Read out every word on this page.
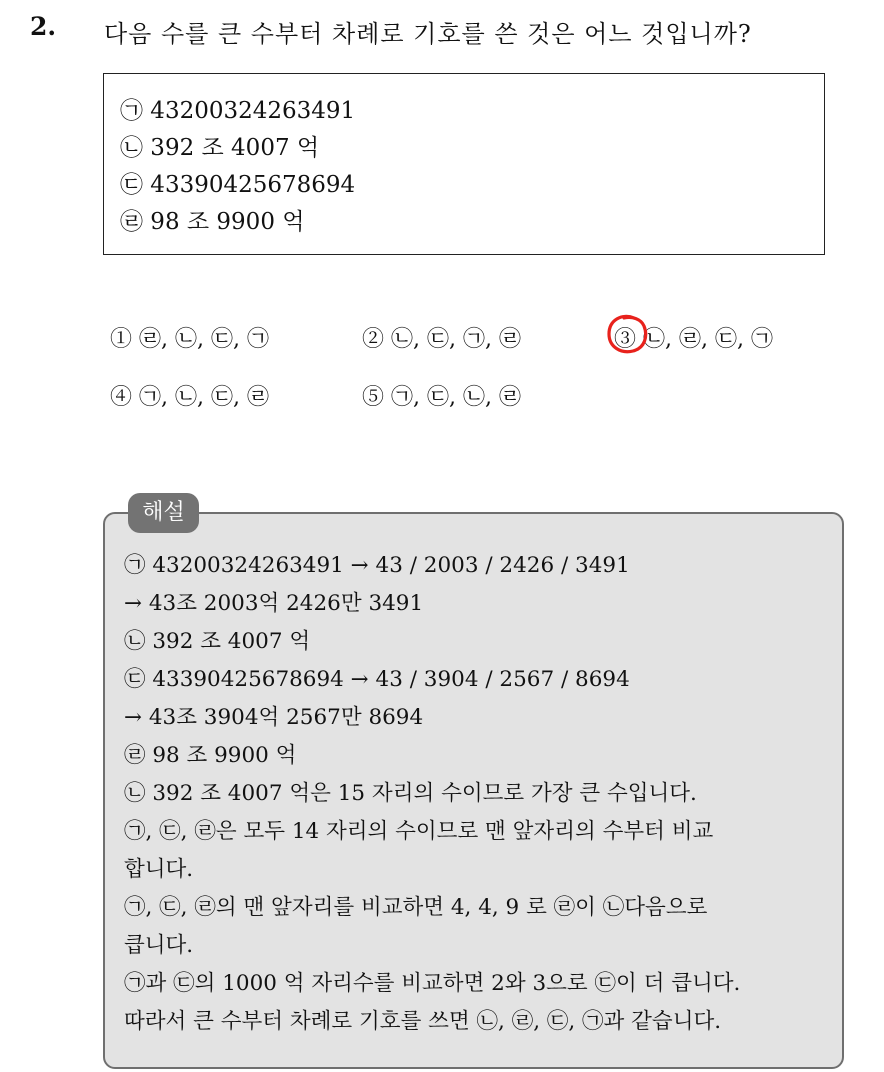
2. 다음 수를 큰 수부터 차례로 기호를 쓴 것은 어느 것입니까?
㉠ 43200324263491
㉡ 392 조 4007 억
㉢ 43390425678694
㉣ 98 조 9900 억
① ㉣, ㉡, ㉢, ㉠	② ㉡, ㉢, ㉠, ㉣	③ ㉡, ㉣, ㉢, ㉠
④ ㉠, ㉡, ㉢, ㉣	⑤ ㉠, ㉢, ㉡, ㉣
해설
㉠ 43200324263491 → 43 / 2003 / 2426 / 3491
→ 43조 2003억 2426만 3491
㉡ 392 조 4007 억
㉢ 43390425678694 → 43 / 3904 / 2567 / 8694
→ 43조 3904억 2567만 8694
㉣ 98 조 9900 억
㉡ 392 조 4007 억은 15 자리의 수이므로 가장 큰 수입니다.
㉠, ㉢, ㉣은 모두 14 자리의 수이므로 맨 앞자리의 수부터 비교
합니다.
㉠, ㉢, ㉣의 맨 앞자리를 비교하면 4, 4, 9 로 ㉣이 ㉡다음으로
큽니다.
㉠과 ㉢의 1000 억 자리수를 비교하면 2와 3으로 ㉢이 더 큽니다.
따라서 큰 수부터 차례로 기호를 쓰면 ㉡, ㉣, ㉢, ㉠과 같습니다.
